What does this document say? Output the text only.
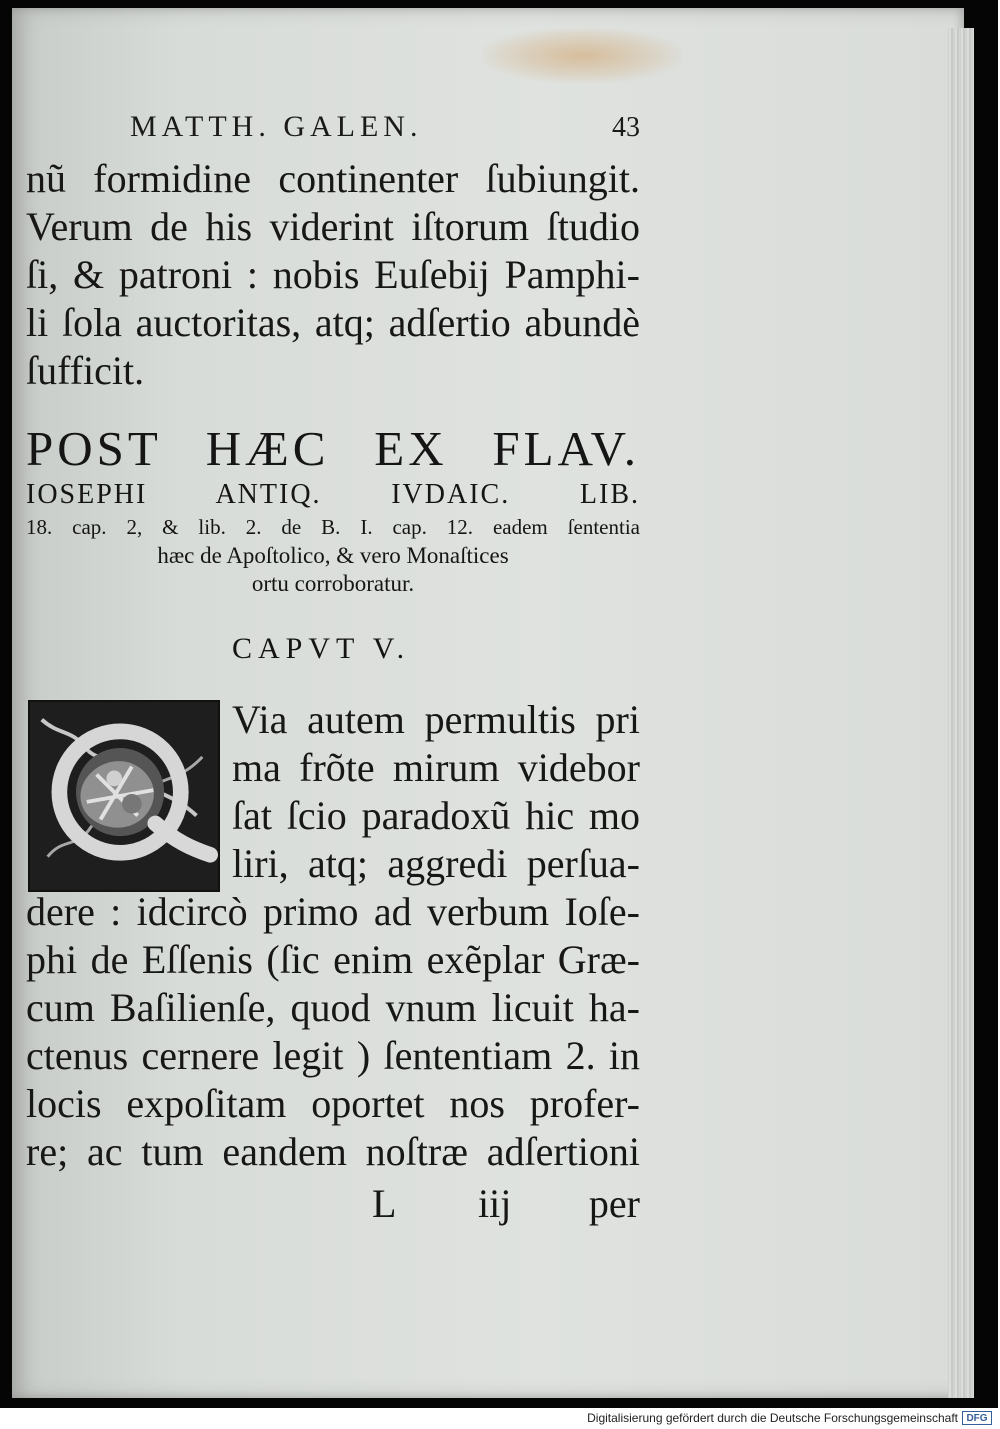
MATTH. GALEN.	43
nũ formidine continenter ſubiungit.
Verum de his viderint iſtorum ſtudio
ſi, & patroni : nobis Euſebij Pamphi-
li ſola auctoritas, atq; adſertio abundè
ſufficit.
POST HÆC EX FLAV.
IOSEPHI ANTIQ. IVDAIC. LIB.
18. cap. 2, & lib. 2. de B. I. cap. 12. eadem ſententia
hæc de Apoſtolico, & vero Monaſtices
ortu corroboratur.
CAPVT V.
Via autem permultis pri
ma frõte mirum videbor
ſat ſcio paradoxũ hic mo
liri, atq; aggredi perſua-
dere : idcircò primo ad verbum Ioſe-
phi de Eſſenis (ſic enim exẽplar Græ-
cum Baſilienſe, quod vnum licuit ha-
ctenus cernere legit ) ſententiam 2. in
locis expoſitam oportet nos profer-
re; ac tum eandem noſtræ adſertioni
L iij per
Digitalisierung gefördert durch die Deutsche Forschungsgemeinschaft DFG
